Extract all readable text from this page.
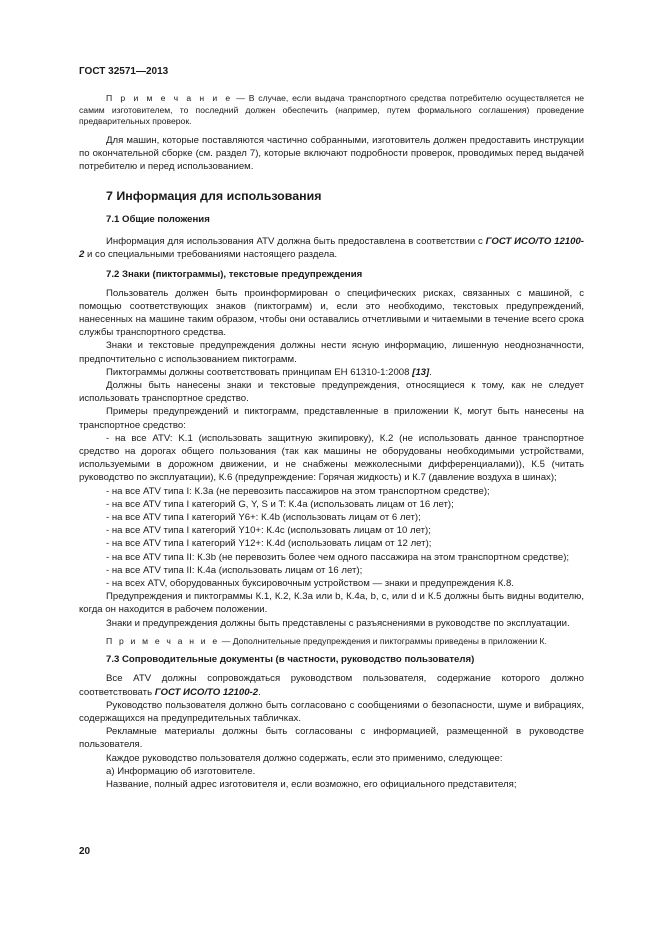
ГОСТ 32571—2013

П р и м е ч а н и е — В случае, если выдача транспортного средства потребителю осуществляется не самим изготовителем, то последний должен обеспечить (например, путем формального соглашения) проведение предварительных проверок.

Для машин, которые поставляются частично собранными, изготовитель должен предоставить инструкции по окончательной сборке (см. раздел 7), которые включают подробности проверок, проводимых перед выдачей потребителю и перед использованием.

7 Информация для использования
7.1 Общие положения

Информация для использования ATV должна быть предоставлена в соответствии с ГОСТ ИСО/ТО 12100-2 и со специальными требованиями настоящего раздела.

7.2 Знаки (пиктограммы), текстовые предупреждения

Пользователь должен быть проинформирован о специфических рисках, связанных с машиной, с помощью соответствующих знаков (пиктограмм) и, если это необходимо, текстовых предупреждений, нанесенных на машине таким образом, чтобы они оставались отчетливыми и читаемыми в течение всего срока службы транспортного средства.

Знаки и текстовые предупреждения должны нести ясную информацию, лишенную неоднозначности, предпочтительно с использованием пиктограмм.

Пиктограммы должны соответствовать принципам ЕН 61310-1:2008 [13].

Должны быть нанесены знаки и текстовые предупреждения, относящиеся к тому, как не следует использовать транспортное средство.

Примеры предупреждений и пиктограмм, представленные в приложении К, могут быть нанесены на транспортное средство:

- на все ATV: K.1 (использовать защитную экипировку), К.2 (не использовать данное транспортное средство на дорогах общего пользования (так как машины не оборудованы необходимыми устройствами, используемыми в дорожном движении, и не снабжены межколесными дифференциалами)), К.5 (читать руководство по эксплуатации), К.6 (предупреждение: Горячая жидкость) и К.7 (давление воздуха в шинах);

- на все ATV типа I: К.3а (не перевозить пассажиров на этом транспортном средстве);

- на все ATV типа I категорий G, Y, S и T: К.4а (использовать лицам от 16 лет);

- на все ATV типа I категорий Y6+: К.4b (использовать лицам от 6 лет);

- на все ATV типа I категорий Y10+: К.4с (использовать лицам от 10 лет);

- на все ATV типа I категорий Y12+: К.4d (использовать лицам от 12 лет);

- на все ATV типа II: К.3b (не перевозить более чем одного пассажира на этом транспортном средстве);

- на все ATV типа II: К.4а (использовать лицам от 16 лет);

- на всех ATV, оборудованных буксировочным устройством — знаки и предупреждения К.8.

Предупреждения и пиктограммы К.1, К.2, К.3а или b, К.4а, b, с, или d и К.5 должны быть видны водителю, когда он находится в рабочем положении.

Знаки и предупреждения должны быть представлены с разъяснениями в руководстве по эксплуатации.

П р и м е ч а н и е — Дополнительные предупреждения и пиктограммы приведены в приложении К.

7.3 Сопроводительные документы (в частности, руководство пользователя)

Все ATV должны сопровождаться руководством пользователя, содержание которого должно соответствовать ГОСТ ИСО/ТО 12100-2.

Руководство пользователя должно быть согласовано с сообщениями о безопасности, шуме и вибрациях, содержащихся на предупредительных табличках.

Рекламные материалы должны быть согласованы с информацией, размещенной в руководстве пользователя.

Каждое руководство пользователя должно содержать, если это применимо, следующее:

а) Информацию об изготовителе.

Название, полный адрес изготовителя и, если возможно, его официального представителя;

20
